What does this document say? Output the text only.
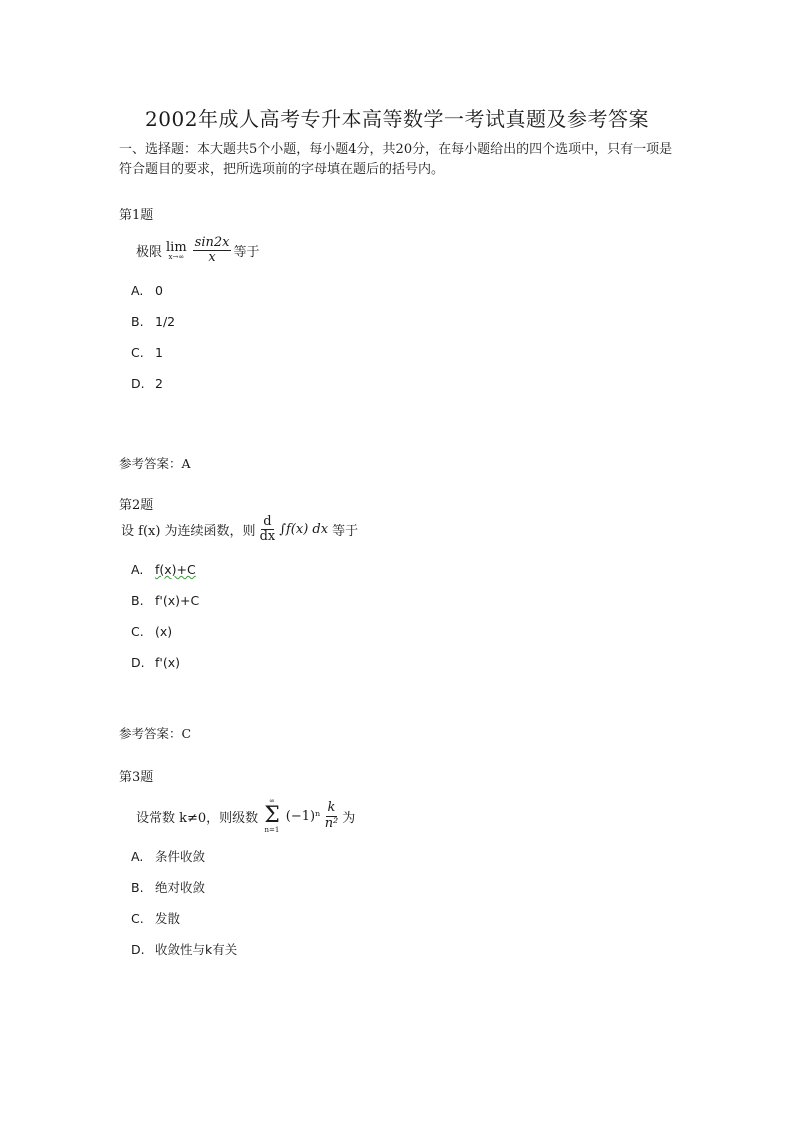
2002年成人高考专升本高等数学一考试真题及参考答案
一、选择题：本大题共5个小题，每小题4分，共20分，在每小题给出的四个选项中，只有一项是符合题目的要求，把所选项前的字母填在题后的括号内。
第1题
极限 lim
$x\to\infty \frac{\sin 2x}{x}$ 等于
A. 0
B. 1/2
C. 1
D. 2
参考答案：A
第2题
设 f(x) 为连续函数，则 $\frac{d}{dx} \int f(x)$ dx 等于
A. f(x)+C
B. f'(x)+C
C. (x)
D. f'(x)
参考答案：C
第3题
设常数 k≠0，则级数
∞
Σ
n=1
$(-1)^n \frac{k}{\text{n²}}$ 为
A. 条件收敛
B. 绝对收敛
C. 发散
D. 收敛性与k有关
